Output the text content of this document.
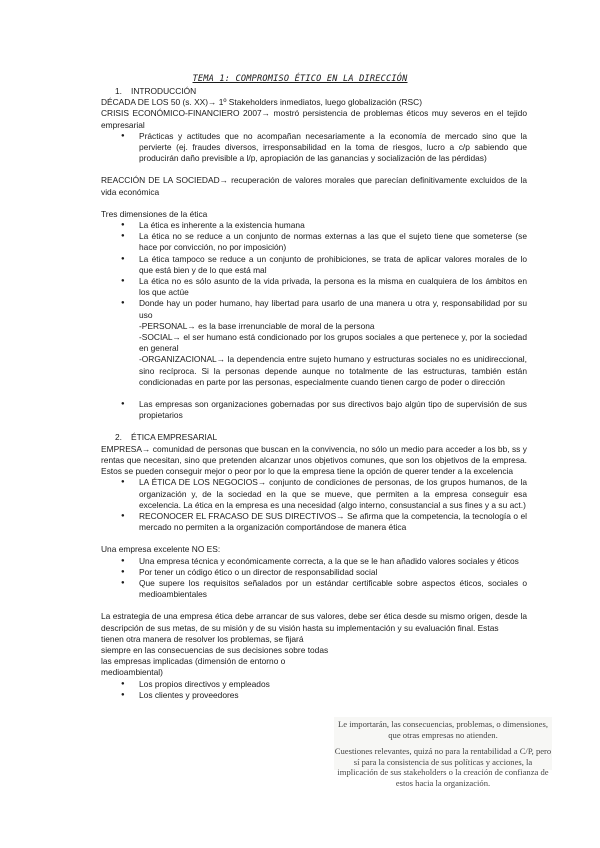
TEMA 1: COMPROMISO ÉTICO EN LA DIRECCIÓN

1. INTRODUCCIÓN

DÉCADA DE LOS 50 (s. XX)→ 1º Stakeholders inmediatos, luego globalización (RSC)

CRISIS ECONÓMICO-FINANCIERO 2007→ mostró persistencia de problemas éticos muy severos en el tejido empresarial

● Prácticas y actitudes que no acompañan necesariamente a la economía de mercado sino que la pervierte (ej. fraudes diversos, irresponsabilidad en la toma de riesgos, lucro a c/p sabiendo que producirán daño previsible a l/p, apropiación de las ganancias y socialización de las pérdidas)

REACCIÓN DE LA SOCIEDAD→ recuperación de valores morales que parecían definitivamente excluidos de la vida económica

Tres dimensiones de la ética

● La ética es inherente a la existencia humana
● La ética no se reduce a un conjunto de normas externas a las que el sujeto tiene que someterse (se hace por convicción, no por imposición)
● La ética tampoco se reduce a un conjunto de prohibiciones, se trata de aplicar valores morales de lo que está bien y de lo que está mal
● La ética no es sólo asunto de la vida privada, la persona es la misma en cualquiera de los ámbitos en los que actúe
● Donde hay un poder humano, hay libertad para usarlo de una manera u otra y, responsabilidad por su uso

-PERSONAL→ es la base irrenunciable de moral de la persona

-SOCIAL→ el ser humano está condicionado por los grupos sociales a que pertenece y, por la sociedad en general

-ORGANIZACIONAL→ la dependencia entre sujeto humano y estructuras sociales no es unidireccional, sino recíproca. Si la personas depende aunque no totalmente de las estructuras, también están condicionadas en parte por las personas, especialmente cuando tienen cargo de poder o dirección

● Las empresas son organizaciones gobernadas por sus directivos bajo algún tipo de supervisión de sus propietarios

2. ÉTICA EMPRESARIAL

EMPRESA→ comunidad de personas que buscan en la convivencia, no sólo un medio para acceder a los bb, ss y rentas que necesitan, sino que pretenden alcanzar unos objetivos comunes, que son los objetivos de la empresa. Estos se pueden conseguir mejor o peor por lo que la empresa tiene la opción de querer tender a la excelencia

● LA ÉTICA DE LOS NEGOCIOS→ conjunto de condiciones de personas, de los grupos humanos, de la organización y, de la sociedad en la que se mueve, que permiten a la empresa conseguir esa excelencia. La ética en la empresa es una necesidad (algo interno, consustancial a sus fines y a su act.)
● RECONOCER EL FRACASO DE SUS DIRECTIVOS→ Se afirma que la competencia, la tecnología o el mercado no permiten a la organización comportándose de manera ética

Una empresa excelente NO ES:

● Una empresa técnica y económicamente correcta, a la que se le han añadido valores sociales y éticos
● Por tener un código ético o un director de responsabilidad social
● Que supere los requisitos señalados por un estándar certificable sobre aspectos éticos, sociales o medioambientales

La estrategia de una empresa ética debe arrancar de sus valores, debe ser ética desde su mismo origen, desde la descripción de sus metas, de su misión y de su visión hasta su implementación y su evaluación final. Estas

tienen otra manera de resolver los problemas, se fijará

siempre en las consecuencias de sus decisiones sobre todas

las empresas implicadas (dimensión de entorno o

medioambiental)

● Los propios directivos y empleados
● Los clientes y proveedores
Le importarán, las consecuencias, problemas, o dimensiones, que otras empresas no atienden.
Cuestiones relevantes, quizá no para la rentabilidad a C/P, pero sí para la consistencia de sus políticas y acciones, la implicación de sus stakeholders o la creación de confianza de estos hacia la organización.
